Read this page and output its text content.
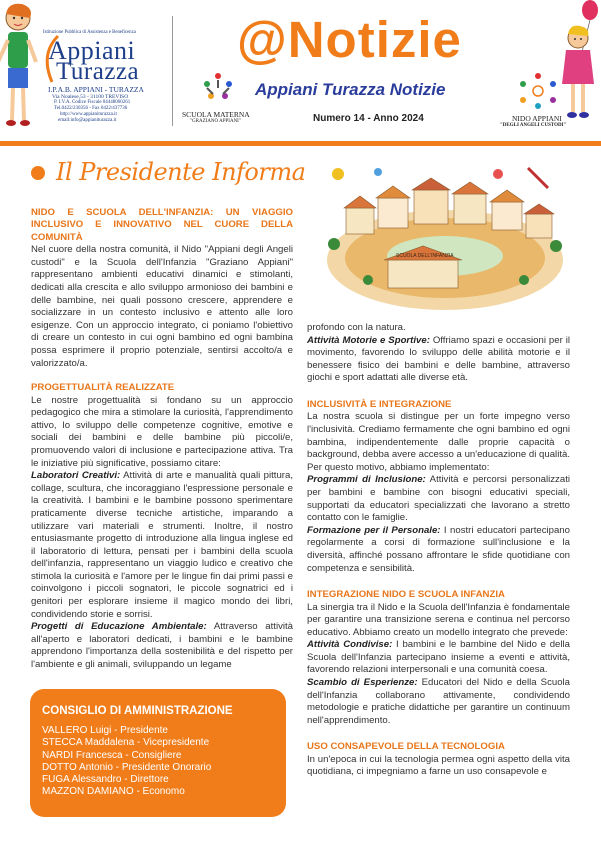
Istituzione Pubblica di Assistenza e Beneficenza
Appiani
Turazza
I.P.A.B. APPIANI - TURAZZA
Via Noalese,53 - 31100 TREVISO
P. I.V.A. Codice Fiscale 04448060261
Tel.0422/230356 - Fax 0422/437736
http://www.appianiturazza.it
email:info@appianiturazza.it
SCUOLA MATERNA
"GRAZIANO APPIANI"
@Notizie
Appiani Turazza Notizie
Numero 14 - Anno 2024	NIDO APPIANI
"DEGLI ANGELI CUSTODI"
Il Presidente Informa
SCUOLA DELL'INFANZIA

NIDO E SCUOLA DELL'INFANZIA: UN VIAGGIO INCLUSIVO E INNOVATIVO NEL CUORE DELLA COMUNITÀ

Nel cuore della nostra comunità, il Nido "Appiani degli Angeli custodi" e la Scuola dell'Infanzia "Graziano Appiani" rappresentano ambienti educativi dinamici e stimolanti, dedicati alla crescita e allo sviluppo armonioso dei bambini e delle bambine, nei quali possono crescere, apprendere e socializzare in un contesto inclusivo e attento alle loro esigenze. Con un approccio integrato, ci poniamo l'obiettivo di creare un contesto in cui ogni bambino ed ogni bambina possa esprimere il proprio potenziale, sentirsi accolto/a e valorizzato/a.

PROGETTUALITÀ REALIZZATE

Le nostre progettualità si fondano su un approccio pedagogico che mira a stimolare la curiosità, l'apprendimento attivo, lo sviluppo delle competenze cognitive, emotive e sociali dei bambini e delle bambine più piccoli/e, promuovendo valori di inclusione e partecipazione attiva. Tra le iniziative più significative, possiamo citare:

Laboratori Creativi: Attività di arte e manualità quali pittura, collage, scultura, che incoraggiano l'espressione personale e la creatività. I bambini e le bambine possono sperimentare praticamente diverse tecniche artistiche, imparando a utilizzare vari materiali e strumenti. Inoltre, il nostro entusiasmante progetto di introduzione alla lingua inglese ed il laboratorio di lettura, pensati per i bambini della scuola dell'infanzia, rappresentano un viaggio ludico e creativo che stimola la curiosità e l'amore per le lingue fin dai primi passi e coinvolgono i piccoli sognatori, le piccole sognatrici ed i genitori per esplorare insieme il magico mondo dei libri, condividendo storie e sorrisi.

Progetti di Educazione Ambientale: Attraverso attività all'aperto e laboratori dedicati, i bambini e le bambine apprendono l'importanza della sostenibilità e del rispetto per l'ambiente e gli animali, sviluppando un legame

CONSIGLIO DI AMMINISTRAZIONE
VALLERO Luigi - Presidente
STECCA Maddalena - Vicepresidente
NARDI Francesca - Consigliere
DOTTO Antonio - Presidente Onorario
FUGA Alessandro - Direttore
MAZZON DAMIANO - Economo

profondo con la natura.

Attività Motorie e Sportive: Offriamo spazi e occasioni per il movimento, favorendo lo sviluppo delle abilità motorie e il benessere fisico dei bambini e delle bambine, attraverso giochi e sport adattati alle diverse età.

INCLUSIVITÀ E INTEGRAZIONE

La nostra scuola si distingue per un forte impegno verso l'inclusività. Crediamo fermamente che ogni bambino ed ogni bambina, indipendentemente dalle proprie capacità o background, debba avere accesso a un'educazione di qualità. Per questo motivo, abbiamo implementato:

Programmi di Inclusione: Attività e percorsi personalizzati per bambini e bambine con bisogni educativi speciali, supportati da educatori specializzati che lavorano a stretto contatto con le famiglie.

Formazione per il Personale: I nostri educatori partecipano regolarmente a corsi di formazione sull'inclusione e la diversità, affinché possano affrontare le sfide quotidiane con competenza e sensibilità.

INTEGRAZIONE NIDO E SCUOLA INFANZIA

La sinergia tra il Nido e la Scuola dell'Infanzia è fondamentale per garantire una transizione serena e continua nel percorso educativo. Abbiamo creato un modello integrato che prevede:

Attività Condivise: I bambini e le bambine del Nido e della Scuola dell'Infanzia partecipano insieme a eventi e attività, favorendo relazioni interpersonali e una comunità coesa.

Scambio di Esperienze: Educatori del Nido e della Scuola dell'Infanzia collaborano attivamente, condividendo metodologie e pratiche didattiche per garantire un continuum nell'apprendimento.

USO CONSAPEVOLE DELLA TECNOLOGIA

In un'epoca in cui la tecnologia permea ogni aspetto della vita quotidiana, ci impegniamo a farne un uso consapevole e
